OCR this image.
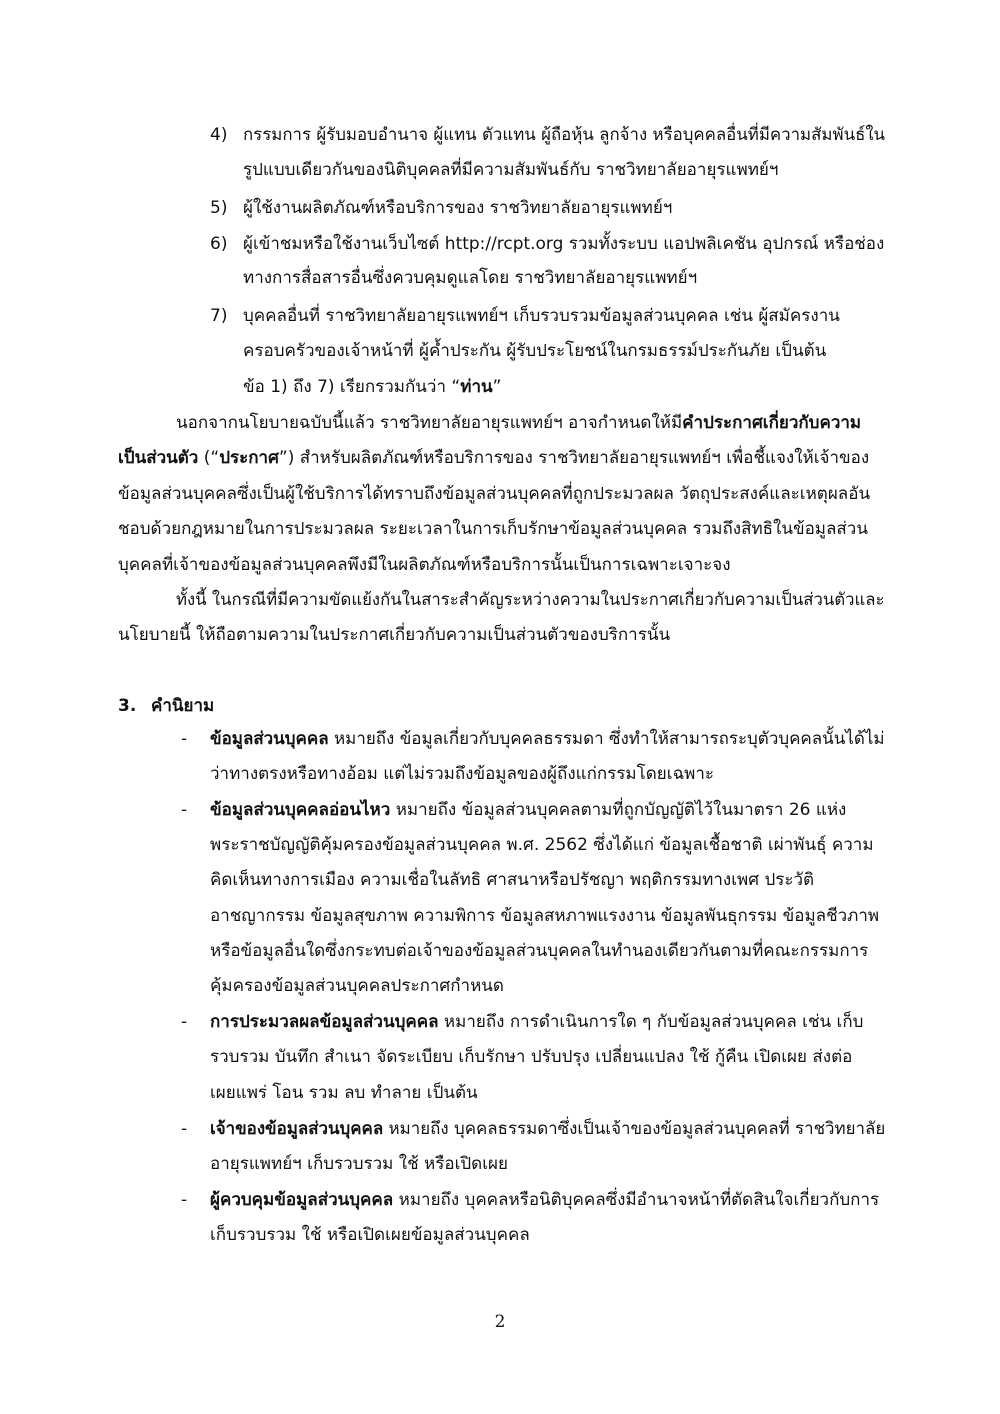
4) กรรมการ ผู้รับมอบอำนาจ ผู้แทน ตัวแทน ผู้ถือหุ้น ลูกจ้าง หรือบุคคลอื่นที่มีความสัมพันธ์ใน
รูปแบบเดียวกันของนิติบุคคลที่มีความสัมพันธ์กับ ราชวิทยาลัยอายุรแพทย์ฯ
5) ผู้ใช้งานผลิตภัณฑ์หรือบริการของ ราชวิทยาลัยอายุรแพทย์ฯ
6) ผู้เข้าชมหรือใช้งานเว็บไซต์ http://rcpt.org รวมทั้งระบบ แอปพลิเคชัน อุปกรณ์ หรือช่อง
ทางการสื่อสารอื่นซึ่งควบคุมดูแลโดย ราชวิทยาลัยอายุรแพทย์ฯ
7) บุคคลอื่นที่ ราชวิทยาลัยอายุรแพทย์ฯ เก็บรวบรวมข้อมูลส่วนบุคคล เช่น ผู้สมัครงาน
ครอบครัวของเจ้าหน้าที่ ผู้ค้ำประกัน ผู้รับประโยชน์ในกรมธรรม์ประกันภัย เป็นต้น
ข้อ 1) ถึง 7) เรียกรวมกันว่า “ท่าน”
นอกจากนโยบายฉบับนี้แล้ว ราชวิทยาลัยอายุรแพทย์ฯ อาจกำหนดให้มีคำประกาศเกี่ยวกับความ
เป็นส่วนตัว (“ประกาศ”) สำหรับผลิตภัณฑ์หรือบริการของ ราชวิทยาลัยอายุรแพทย์ฯ เพื่อชี้แจงให้เจ้าของ
ข้อมูลส่วนบุคคลซึ่งเป็นผู้ใช้บริการได้ทราบถึงข้อมูลส่วนบุคคลที่ถูกประมวลผล วัตถุประสงค์และเหตุผลอัน
ชอบด้วยกฎหมายในการประมวลผล ระยะเวลาในการเก็บรักษาข้อมูลส่วนบุคคล รวมถึงสิทธิในข้อมูลส่วน
บุคคลที่เจ้าของข้อมูลส่วนบุคคลพึงมีในผลิตภัณฑ์หรือบริการนั้นเป็นการเฉพาะเจาะจง
ทั้งนี้ ในกรณีที่มีความขัดแย้งกันในสาระสำคัญระหว่างความในประกาศเกี่ยวกับความเป็นส่วนตัวและ
นโยบายนี้ ให้ถือตามความในประกาศเกี่ยวกับความเป็นส่วนตัวของบริการนั้น
3. คำนิยาม
- ข้อมูลส่วนบุคคล หมายถึง ข้อมูลเกี่ยวกับบุคคลธรรมดา ซึ่งทำให้สามารถระบุตัวบุคคลนั้นได้ไม่
ว่าทางตรงหรือทางอ้อม แต่ไม่รวมถึงข้อมูลของผู้ถึงแก่กรรมโดยเฉพาะ
- ข้อมูลส่วนบุคคลอ่อนไหว หมายถึง ข้อมูลส่วนบุคคลตามที่ถูกบัญญัติไว้ในมาตรา 26 แห่ง
พระราชบัญญัติคุ้มครองข้อมูลส่วนบุคคล พ.ศ. 2562 ซึ่งได้แก่ ข้อมูลเชื้อชาติ เผ่าพันธุ์ ความ
คิดเห็นทางการเมือง ความเชื่อในลัทธิ ศาสนาหรือปรัชญา พฤติกรรมทางเพศ ประวัติ
อาชญากรรม ข้อมูลสุขภาพ ความพิการ ข้อมูลสหภาพแรงงาน ข้อมูลพันธุกรรม ข้อมูลชีวภาพ
หรือข้อมูลอื่นใดซึ่งกระทบต่อเจ้าของข้อมูลส่วนบุคคลในทำนองเดียวกันตามที่คณะกรรมการ
คุ้มครองข้อมูลส่วนบุคคลประกาศกำหนด
- การประมวลผลข้อมูลส่วนบุคคล หมายถึง การดำเนินการใด ๆ กับข้อมูลส่วนบุคคล เช่น เก็บ
รวบรวม บันทึก สำเนา จัดระเบียบ เก็บรักษา ปรับปรุง เปลี่ยนแปลง ใช้ กู้คืน เปิดเผย ส่งต่อ
เผยแพร่ โอน รวม ลบ ทำลาย เป็นต้น
- เจ้าของข้อมูลส่วนบุคคล หมายถึง บุคคลธรรมดาซึ่งเป็นเจ้าของข้อมูลส่วนบุคคลที่ ราชวิทยาลัย
อายุรแพทย์ฯ เก็บรวบรวม ใช้ หรือเปิดเผย
- ผู้ควบคุมข้อมูลส่วนบุคคล หมายถึง บุคคลหรือนิติบุคคลซึ่งมีอำนาจหน้าที่ตัดสินใจเกี่ยวกับการ
เก็บรวบรวม ใช้ หรือเปิดเผยข้อมูลส่วนบุคคล
2
